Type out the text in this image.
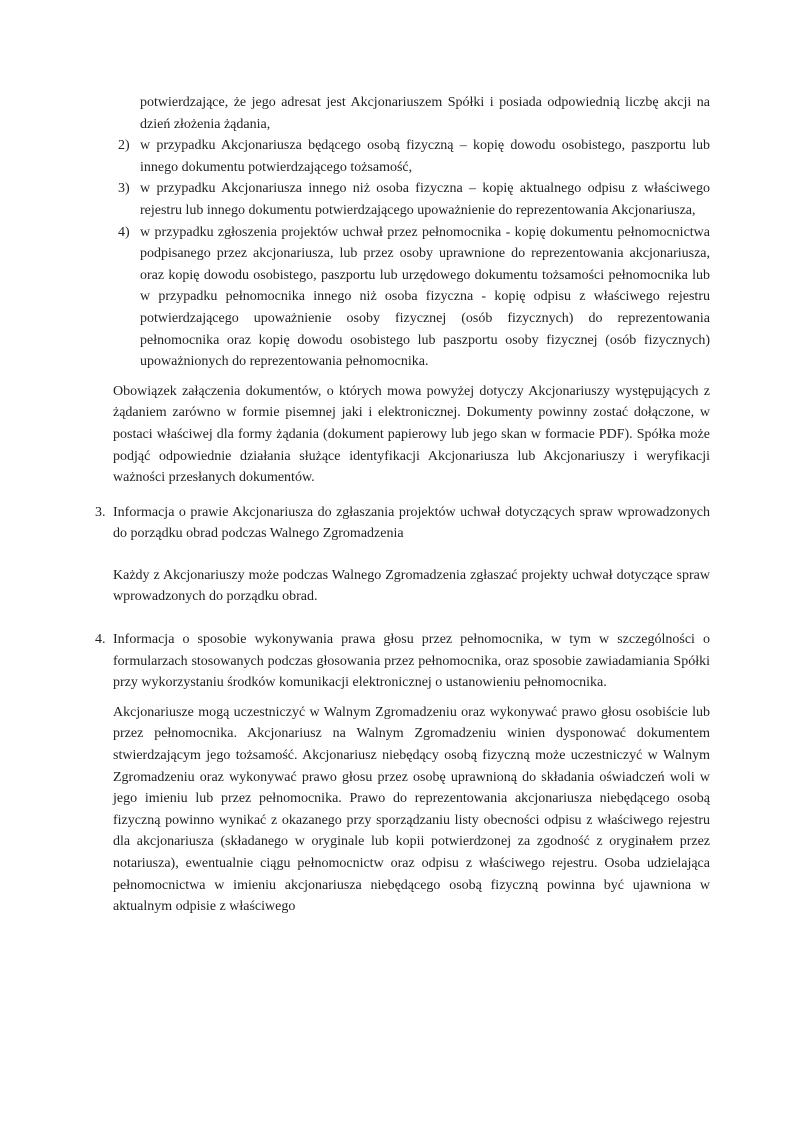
potwierdzające, że jego adresat jest Akcjonariuszem Spółki i posiada odpowiednią liczbę akcji na dzień złożenia żądania,
2) w przypadku Akcjonariusza będącego osobą fizyczną – kopię dowodu osobistego, paszportu lub innego dokumentu potwierdzającego tożsamość,
3) w przypadku Akcjonariusza innego niż osoba fizyczna – kopię aktualnego odpisu z właściwego rejestru lub innego dokumentu potwierdzającego upoważnienie do reprezentowania Akcjonariusza,
4) w przypadku zgłoszenia projektów uchwał przez pełnomocnika - kopię dokumentu pełnomocnictwa podpisanego przez akcjonariusza, lub przez osoby uprawnione do reprezentowania akcjonariusza, oraz kopię dowodu osobistego, paszportu lub urzędowego dokumentu tożsamości pełnomocnika lub w przypadku pełnomocnika innego niż osoba fizyczna - kopię odpisu z właściwego rejestru potwierdzającego upoważnienie osoby fizycznej (osób fizycznych) do reprezentowania pełnomocnika oraz kopię dowodu osobistego lub paszportu osoby fizycznej (osób fizycznych) upoważnionych do reprezentowania pełnomocnika.
Obowiązek załączenia dokumentów, o których mowa powyżej dotyczy Akcjonariuszy występujących z żądaniem zarówno w formie pisemnej jaki i elektronicznej. Dokumenty powinny zostać dołączone, w postaci właściwej dla formy żądania (dokument papierowy lub jego skan w formacie PDF). Spółka może podjąć odpowiednie działania służące identyfikacji Akcjonariusza lub Akcjonariuszy i weryfikacji ważności przesłanych dokumentów.
3. Informacja o prawie Akcjonariusza do zgłaszania projektów uchwał dotyczących spraw wprowadzonych do porządku obrad podczas Walnego Zgromadzenia
Każdy z Akcjonariuszy może podczas Walnego Zgromadzenia zgłaszać projekty uchwał dotyczące spraw wprowadzonych do porządku obrad.
4. Informacja o sposobie wykonywania prawa głosu przez pełnomocnika, w tym w szczególności o formularzach stosowanych podczas głosowania przez pełnomocnika, oraz sposobie zawiadamiania Spółki przy wykorzystaniu środków komunikacji elektronicznej o ustanowieniu pełnomocnika.
Akcjonariusze mogą uczestniczyć w Walnym Zgromadzeniu oraz wykonywać prawo głosu osobiście lub przez pełnomocnika. Akcjonariusz na Walnym Zgromadzeniu winien dysponować dokumentem stwierdzającym jego tożsamość. Akcjonariusz niebędący osobą fizyczną może uczestniczyć w Walnym Zgromadzeniu oraz wykonywać prawo głosu przez osobę uprawnioną do składania oświadczeń woli w jego imieniu lub przez pełnomocnika. Prawo do reprezentowania akcjonariusza niebędącego osobą fizyczną powinno wynikać z okazanego przy sporządzaniu listy obecności odpisu z właściwego rejestru dla akcjonariusza (składanego w oryginale lub kopii potwierdzonej za zgodność z oryginałem przez notariusza), ewentualnie ciągu pełnomocnictw oraz odpisu z właściwego rejestru. Osoba udzielająca pełnomocnictwa w imieniu akcjonariusza niebędącego osobą fizyczną powinna być ujawniona w aktualnym odpisie z właściwego
